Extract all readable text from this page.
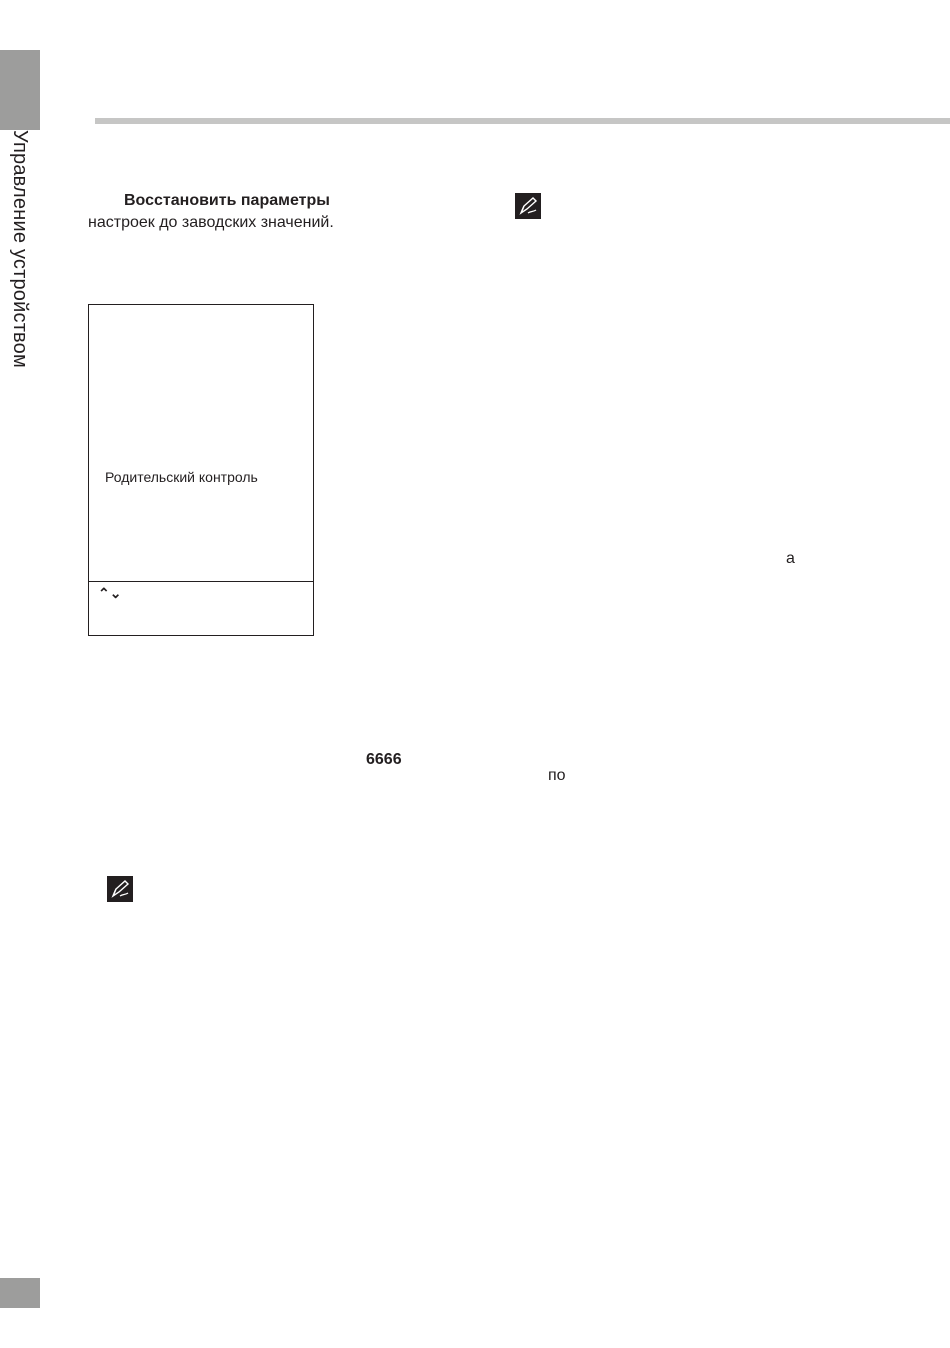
Управление устройством	Восстановить параметры
настроек до заводских значений.
Родительский контроль
⌃⌄
а
6666
по
